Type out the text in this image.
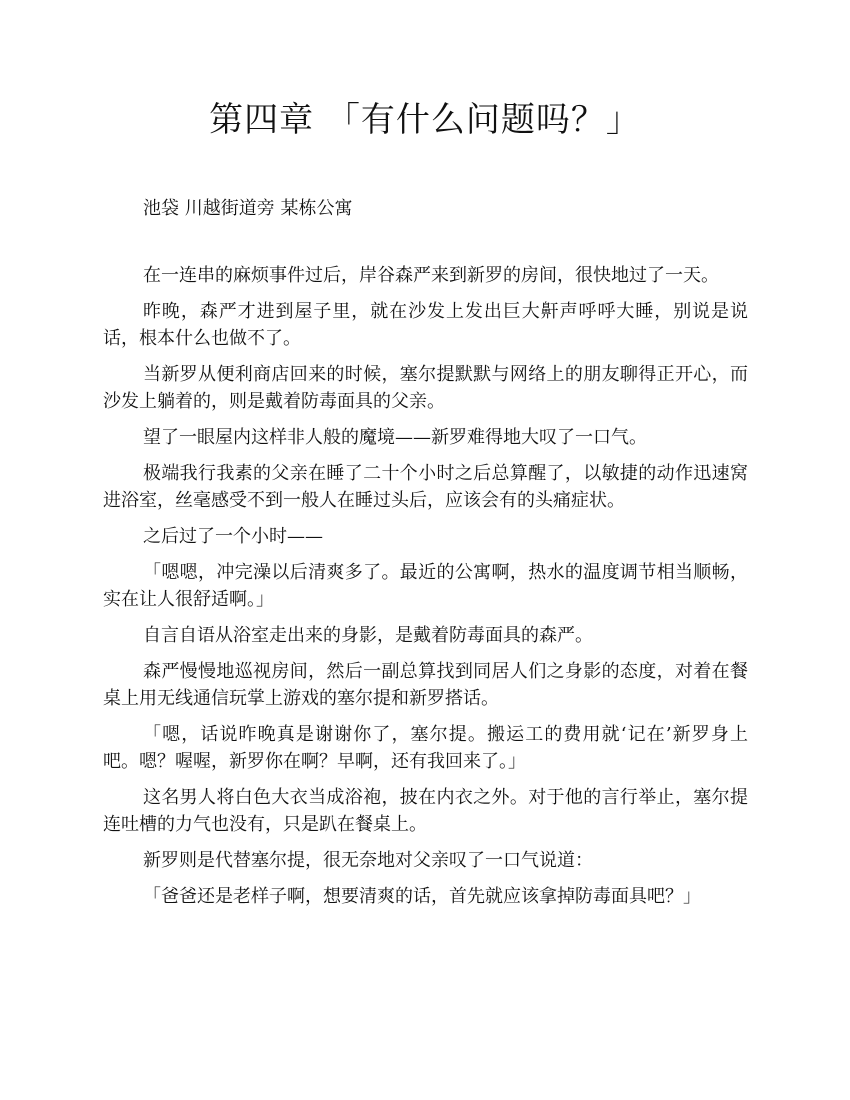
第四章 「有什么问题吗？」
池袋 川越街道旁 某栋公寓

在一连串的麻烦事件过后，岸谷森严来到新罗的房间，很快地过了一天。

昨晚，森严才进到屋子里，就在沙发上发出巨大鼾声呼呼大睡，别说是说话，根本什么也做不了。

当新罗从便利商店回来的时候，塞尔提默默与网络上的朋友聊得正开心，而沙发上躺着的，则是戴着防毒面具的父亲。

望了一眼屋内这样非人般的魔境——新罗难得地大叹了一口气。

极端我行我素的父亲在睡了二十个小时之后总算醒了，以敏捷的动作迅速窝进浴室，丝毫感受不到一般人在睡过头后，应该会有的头痛症状。

之后过了一个小时——

「嗯嗯，冲完澡以后清爽多了。最近的公寓啊，热水的温度调节相当顺畅，实在让人很舒适啊。」

自言自语从浴室走出来的身影，是戴着防毒面具的森严。

森严慢慢地巡视房间，然后一副总算找到同居人们之身影的态度，对着在餐桌上用无线通信玩掌上游戏的塞尔提和新罗搭话。

「嗯，话说昨晚真是谢谢你了，塞尔提。搬运工的费用就‘记在’新罗身上吧。嗯？喔喔，新罗你在啊？早啊，还有我回来了。」

这名男人将白色大衣当成浴袍，披在内衣之外。对于他的言行举止，塞尔提连吐槽的力气也没有，只是趴在餐桌上。

新罗则是代替塞尔提，很无奈地对父亲叹了一口气说道：

「爸爸还是老样子啊，想要清爽的话，首先就应该拿掉防毒面具吧？」
